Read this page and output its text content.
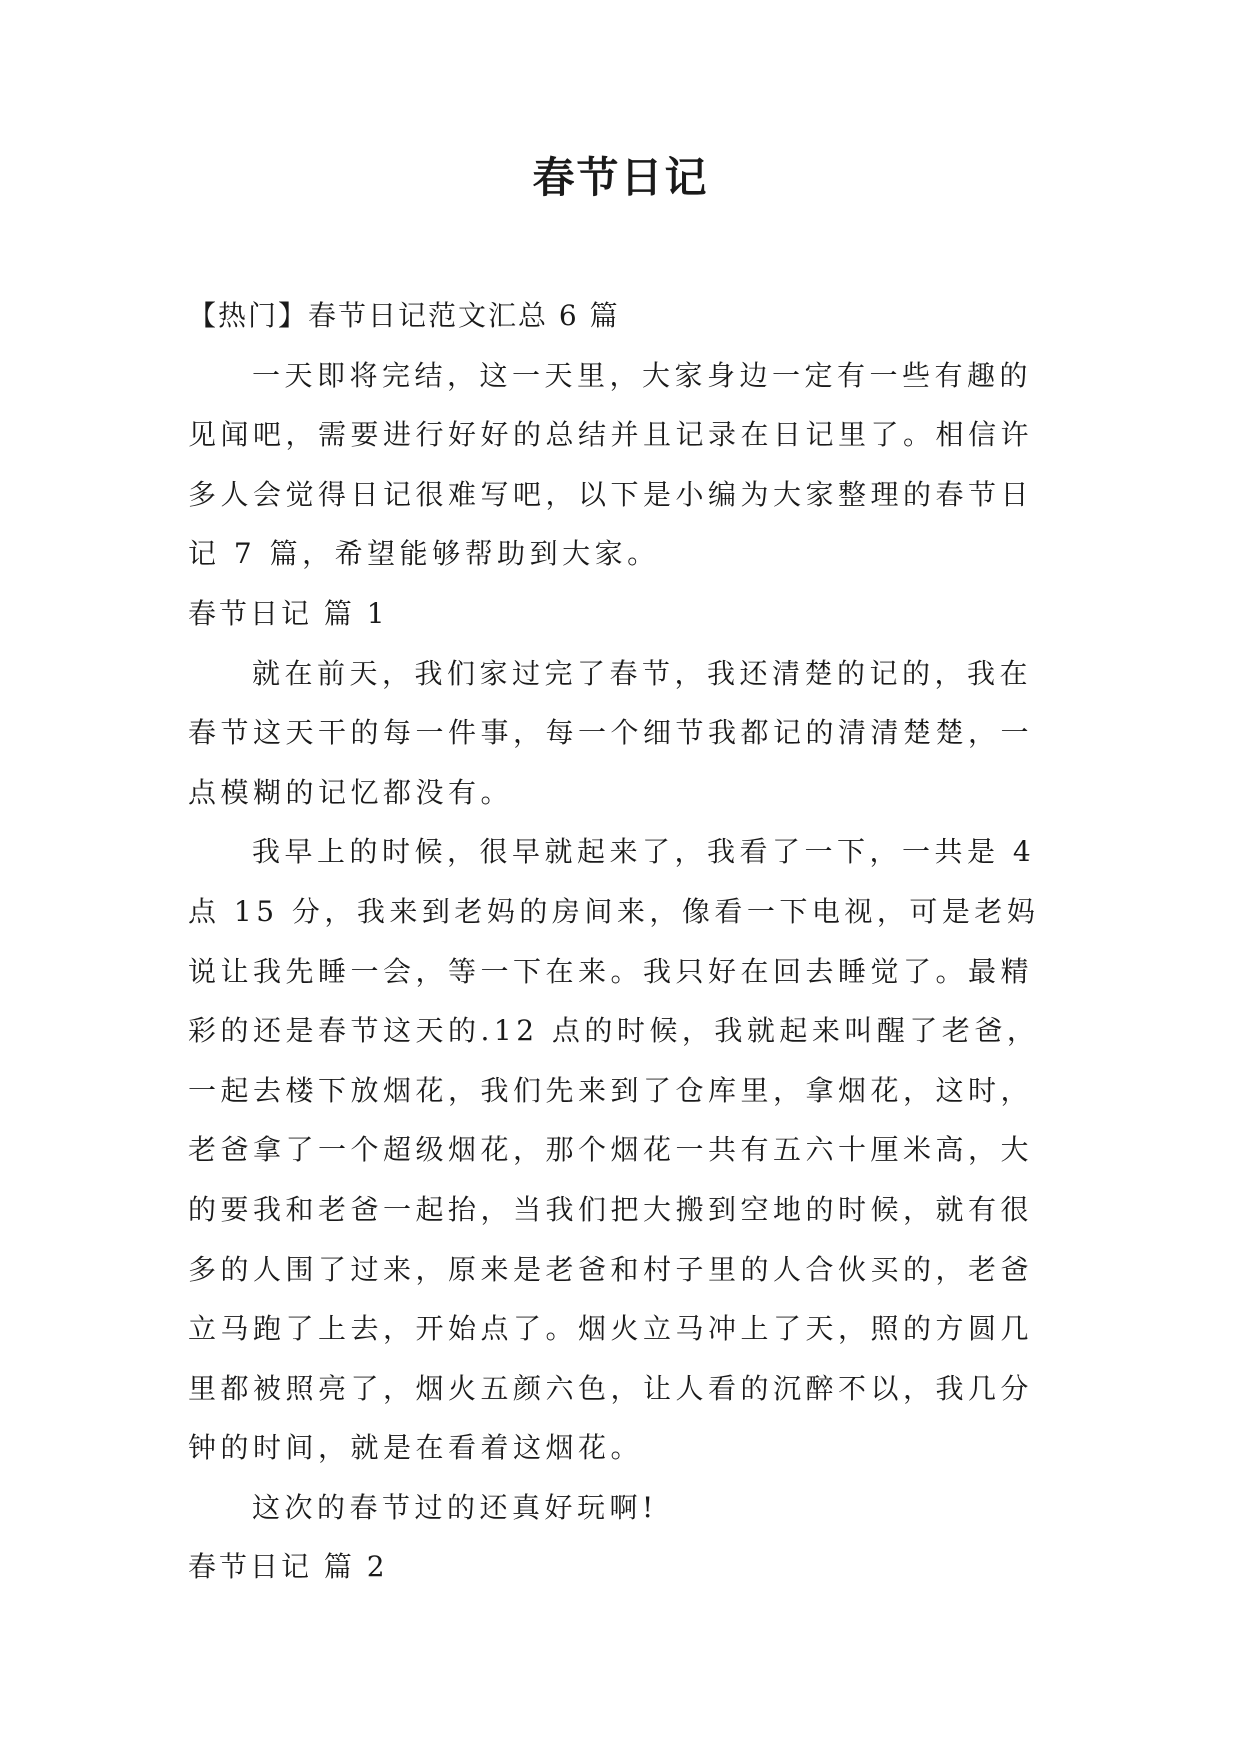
春节日记

【热门】春节日记范文汇总 6 篇

一天即将完结，这一天里，大家身边一定有一些有趣的

见闻吧，需要进行好好的总结并且记录在日记里了。相信许

多人会觉得日记很难写吧，以下是小编为大家整理的春节日

记 7 篇，希望能够帮助到大家。

春节日记 篇 1

就在前天，我们家过完了春节，我还清楚的记的，我在

春节这天干的每一件事，每一个细节我都记的清清楚楚，一

点模糊的记忆都没有。

我早上的时候，很早就起来了，我看了一下，一共是 4

点 15 分，我来到老妈的房间来，像看一下电视，可是老妈

说让我先睡一会，等一下在来。我只好在回去睡觉了。最精

彩的还是春节这天的.12 点的时候，我就起来叫醒了老爸，

一起去楼下放烟花，我们先来到了仓库里，拿烟花，这时，

老爸拿了一个超级烟花，那个烟花一共有五六十厘米高，大

的要我和老爸一起抬，当我们把大搬到空地的时候，就有很

多的人围了过来，原来是老爸和村子里的人合伙买的，老爸

立马跑了上去，开始点了。烟火立马冲上了天，照的方圆几

里都被照亮了，烟火五颜六色，让人看的沉醉不以，我几分

钟的时间，就是在看着这烟花。

这次的春节过的还真好玩啊!

春节日记 篇 2
